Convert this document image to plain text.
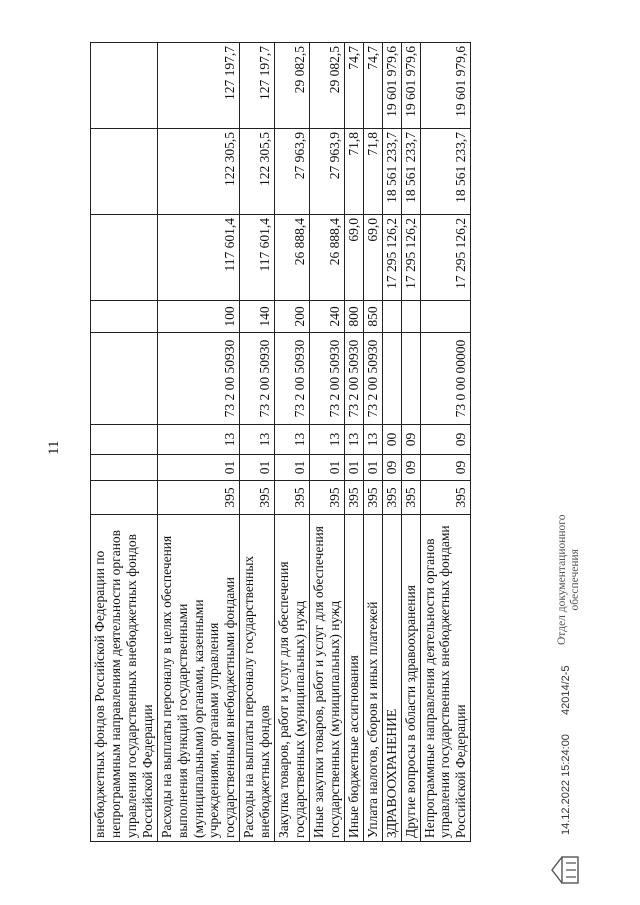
11
внебюджетных фондов Российской Федерации по непрограммным направлениям деятельности органов управления государственных внебюджетных фондов Российской Федерации								
Расходы на выплаты персоналу в целях обеспечения выполнения функций государственными (муниципальными) органами, казенными учреждениями, органами управления государственными внебюджетными фондами	395	01	13	73 2 00 50930	100	117 601,4	122 305,5	127 197,7
Расходы на выплаты персоналу государственных внебюджетных фондов	395	01	13	73 2 00 50930	140	117 601,4	122 305,5	127 197,7
Закупка товаров, работ и услуг для обеспечения государственных (муниципальных) нужд	395	01	13	73 2 00 50930	200	26 888,4	27 963,9	29 082,5
Иные закупки товаров, работ и услуг для обеспечения государственных (муниципальных) нужд	395	01	13	73 2 00 50930	240	26 888,4	27 963,9	29 082,5
Иные бюджетные ассигнования	395	01	13	73 2 00 50930	800	69,0	71,8	74,7
Уплата налогов, сборов и иных платежей	395	01	13	73 2 00 50930	850	69,0	71,8	74,7
ЗДРАВООХРАНЕНИЕ	395	09	00			17 295 126,2	18 561 233,7	19 601 979,6
Другие вопросы в области здравоохранения	395	09	09			17 295 126,2	18 561 233,7	19 601 979,6
Непрограммные направления деятельности органов управления государственных внебюджетных фондами Российской Федерации	395	09	09	73 0 00 00000		17 295 126,2	18 561 233,7	19 601 979,6
14.12.2022 15:24:00
42014/2-5
Отдел документационного обеспечения
